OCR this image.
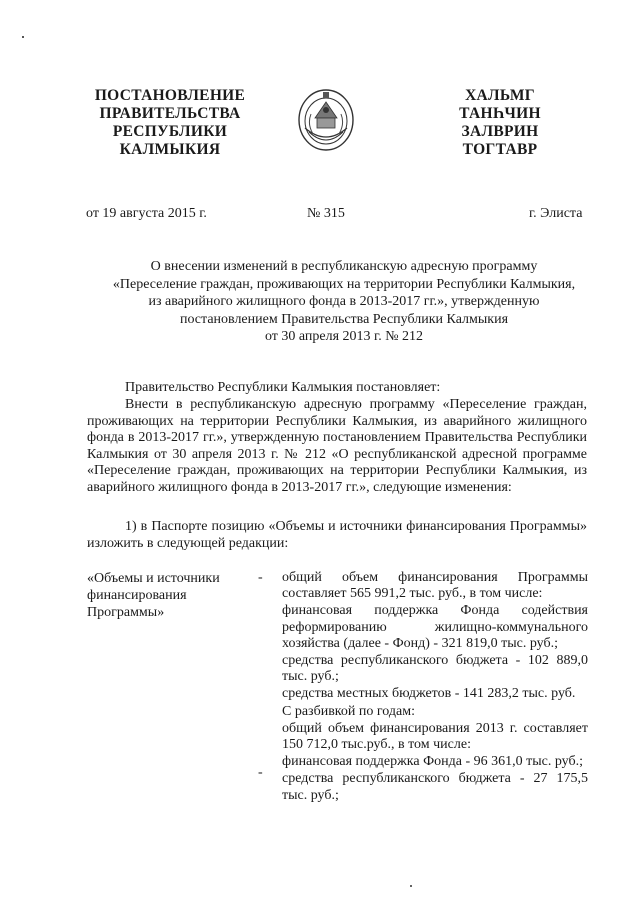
ПОСТАНОВЛЕНИЕ
ПРАВИТЕЛЬСТВА
РЕСПУБЛИКИ
КАЛМЫКИЯ
ХАЛЬМГ
ТАНҺЧИН
ЗАЛВРИН
ТОГТАВР
от 19 августа 2015 г.	№ 315	г. Элиста
О внесении изменений в республиканскую адресную программу
«Переселение граждан, проживающих на территории Республики Калмыкия,
из аварийного жилищного фонда в 2013-2017 гг.», утвержденную
постановлением Правительства Республики Калмыкия
от 30 апреля 2013 г. № 212
Правительство Республики Калмыкия постановляет:
Внести в республиканскую адресную программу «Переселение граждан, проживающих на территории Республики Калмыкия, из аварийного жилищного фонда в 2013-2017 гг.», утвержденную постановлением Правительства Республики Калмыкия от 30 апреля 2013 г. № 212 «О республиканской адресной программе «Переселение граждан, проживающих на территории Республики Калмыкия, из аварийного жилищного фонда в 2013-2017 гг.», следующие изменения:
1) в Паспорте позицию «Объемы и источники финансирования Программы» изложить в следующей редакции:
«Объемы и источники
финансирования
Программы»
-
-
общий объем финансирования Программы составляет 565 991,2 тыс. руб., в том числе:
финансовая поддержка Фонда содействия реформированию жилищно-коммунального хозяйства (далее - Фонд) - 321 819,0 тыс. руб.;
средства республиканского бюджета - 102 889,0 тыс. руб.;
средства местных бюджетов - 141 283,2 тыс. руб.
С разбивкой по годам:
общий объем финансирования 2013 г. составляет 150 712,0 тыс.руб., в том числе:
финансовая поддержка Фонда - 96 361,0 тыс. руб.;
средства республиканского бюджета - 27 175,5 тыс. руб.;
